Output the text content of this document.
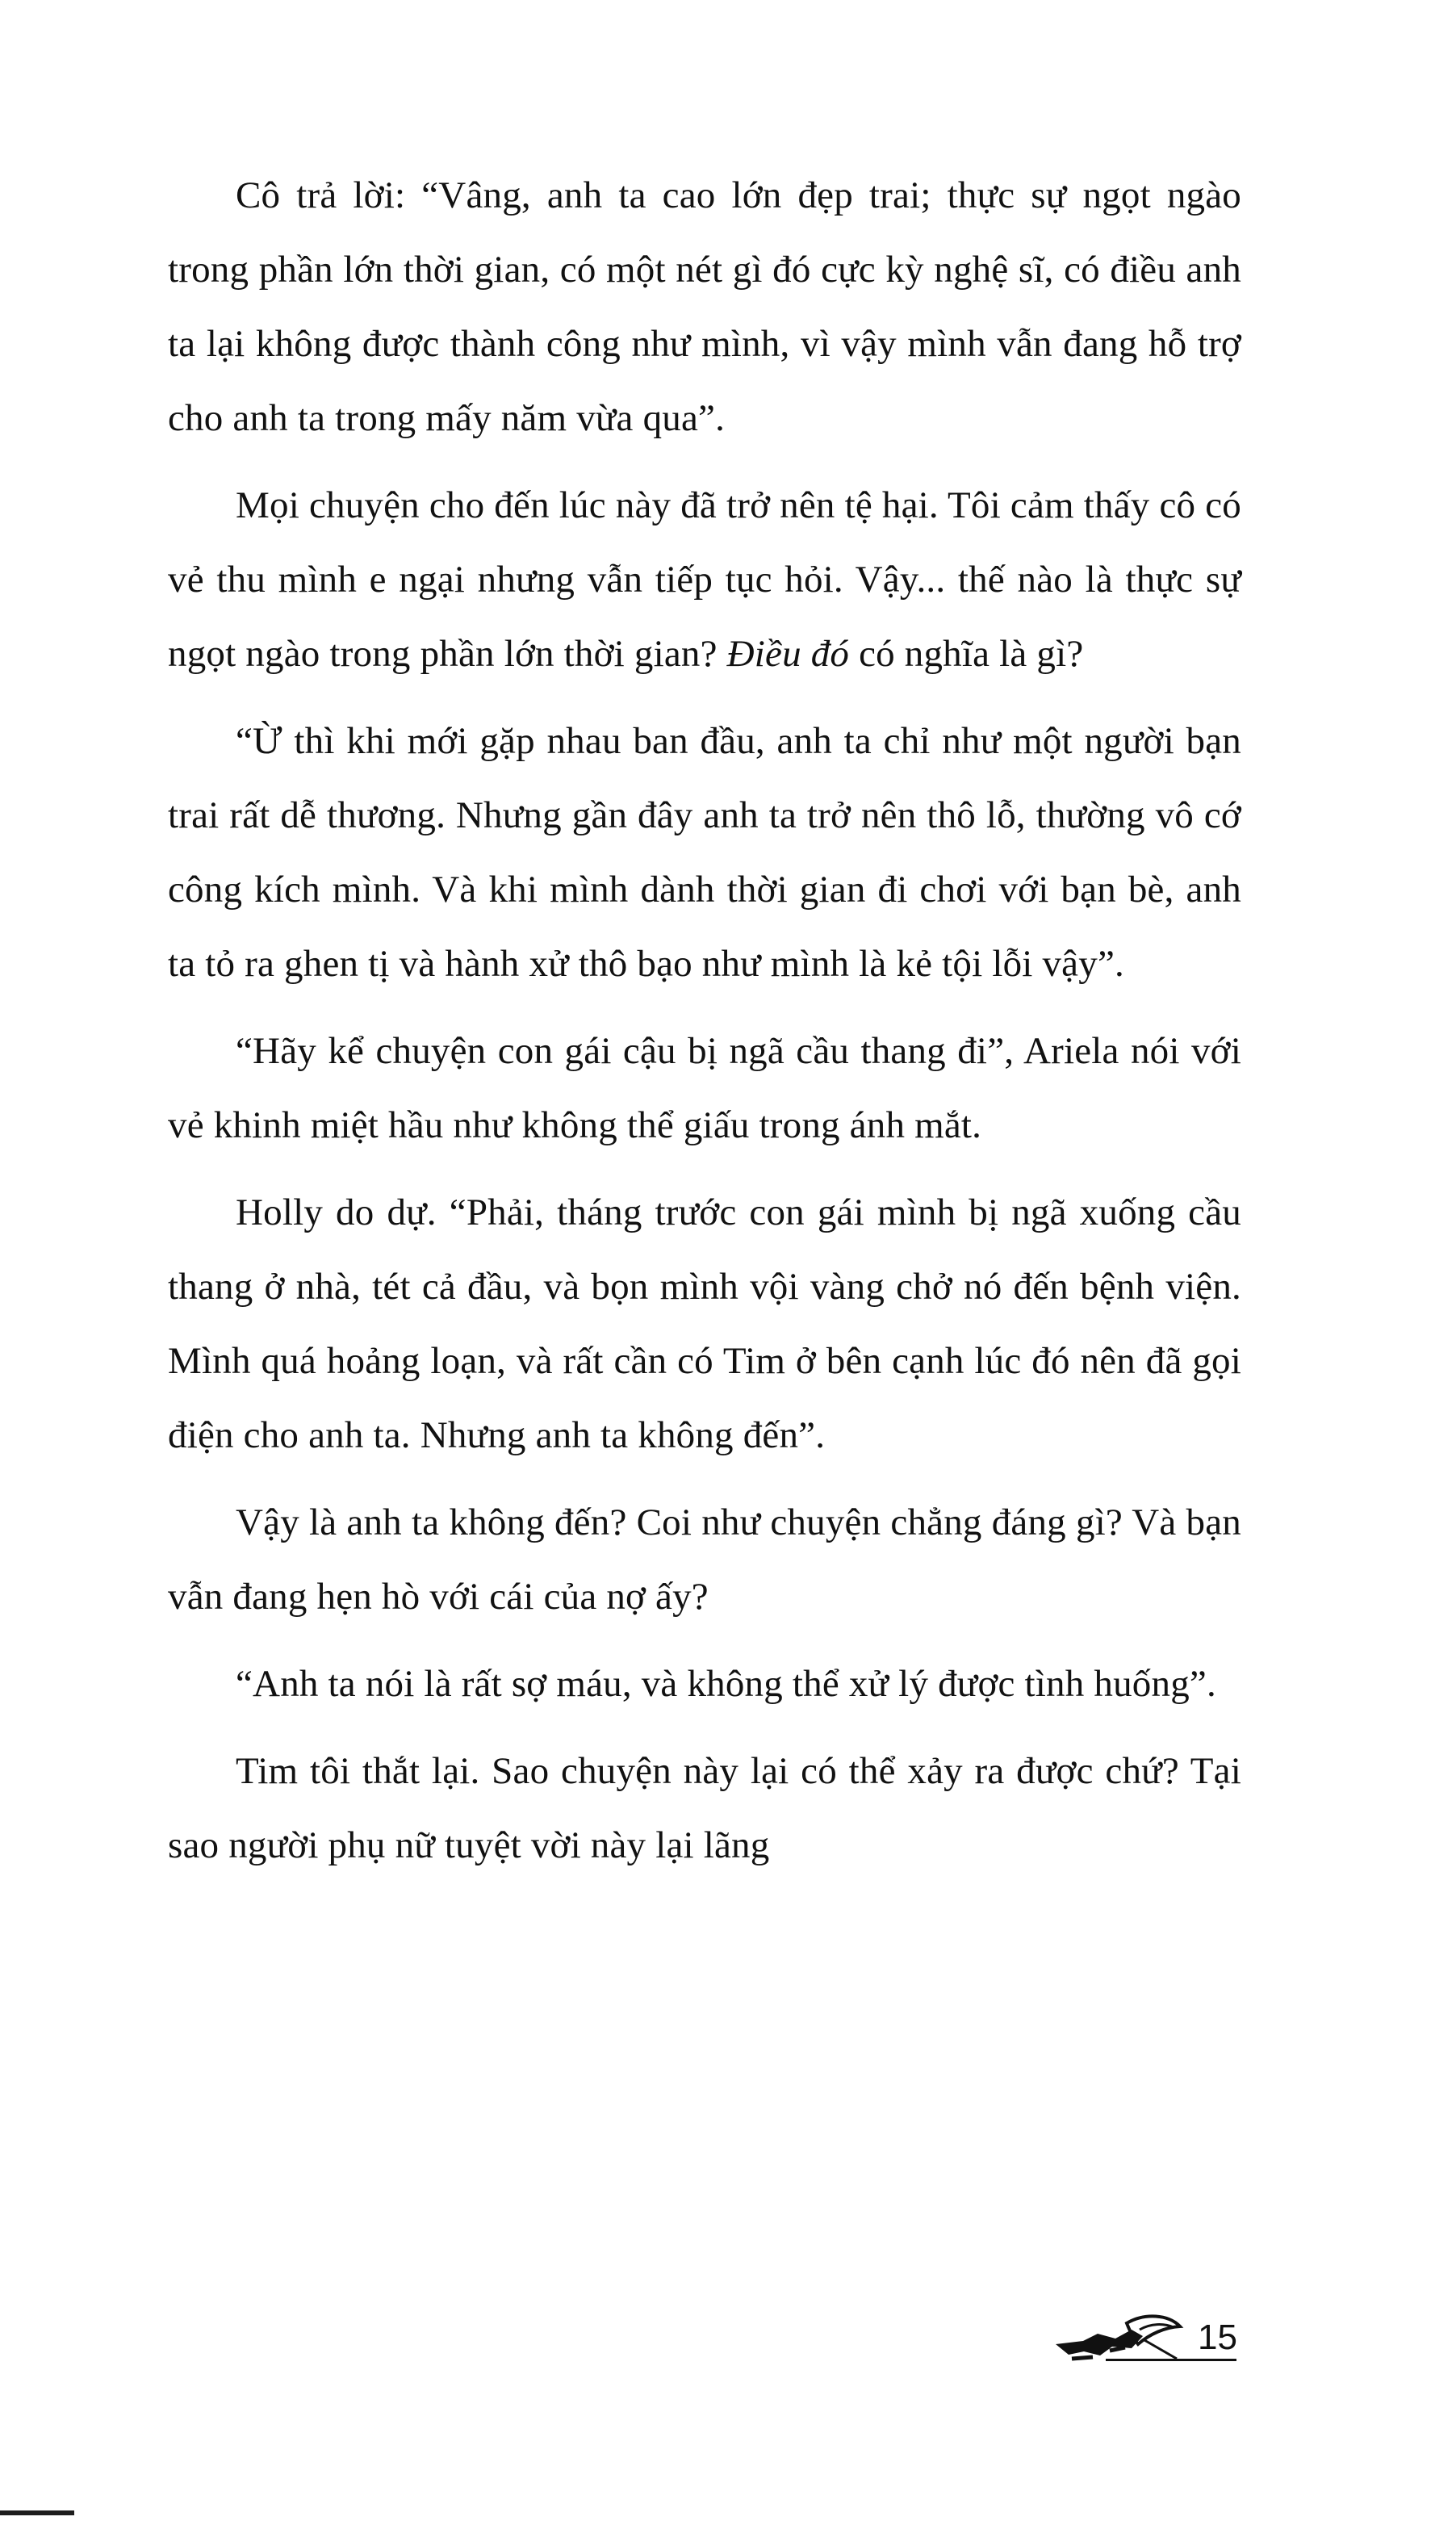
Cô trả lời: “Vâng, anh ta cao lớn đẹp trai; thực sự ngọt ngào trong phần lớn thời gian, có một nét gì đó cực kỳ nghệ sĩ, có điều anh ta lại không được thành công như mình, vì vậy mình vẫn đang hỗ trợ cho anh ta trong mấy năm vừa qua”.

Mọi chuyện cho đến lúc này đã trở nên tệ hại. Tôi cảm thấy cô có vẻ thu mình e ngại nhưng vẫn tiếp tục hỏi. Vậy... thế nào là thực sự ngọt ngào trong phần lớn thời gian? Điều đó có nghĩa là gì?

“Ừ thì khi mới gặp nhau ban đầu, anh ta chỉ như một người bạn trai rất dễ thương. Nhưng gần đây anh ta trở nên thô lỗ, thường vô cớ công kích mình. Và khi mình dành thời gian đi chơi với bạn bè, anh ta tỏ ra ghen tị và hành xử thô bạo như mình là kẻ tội lỗi vậy”.

“Hãy kể chuyện con gái cậu bị ngã cầu thang đi”, Ariela nói với vẻ khinh miệt hầu như không thể giấu trong ánh mắt.

Holly do dự. “Phải, tháng trước con gái mình bị ngã xuống cầu thang ở nhà, tét cả đầu, và bọn mình vội vàng chở nó đến bệnh viện. Mình quá hoảng loạn, và rất cần có Tim ở bên cạnh lúc đó nên đã gọi điện cho anh ta. Nhưng anh ta không đến”.

Vậy là anh ta không đến? Coi như chuyện chẳng đáng gì? Và bạn vẫn đang hẹn hò với cái của nợ ấy?

“Anh ta nói là rất sợ máu, và không thể xử lý được tình huống”.

Tim tôi thắt lại. Sao chuyện này lại có thể xảy ra được chứ? Tại sao người phụ nữ tuyệt vời này lại lãng

15
